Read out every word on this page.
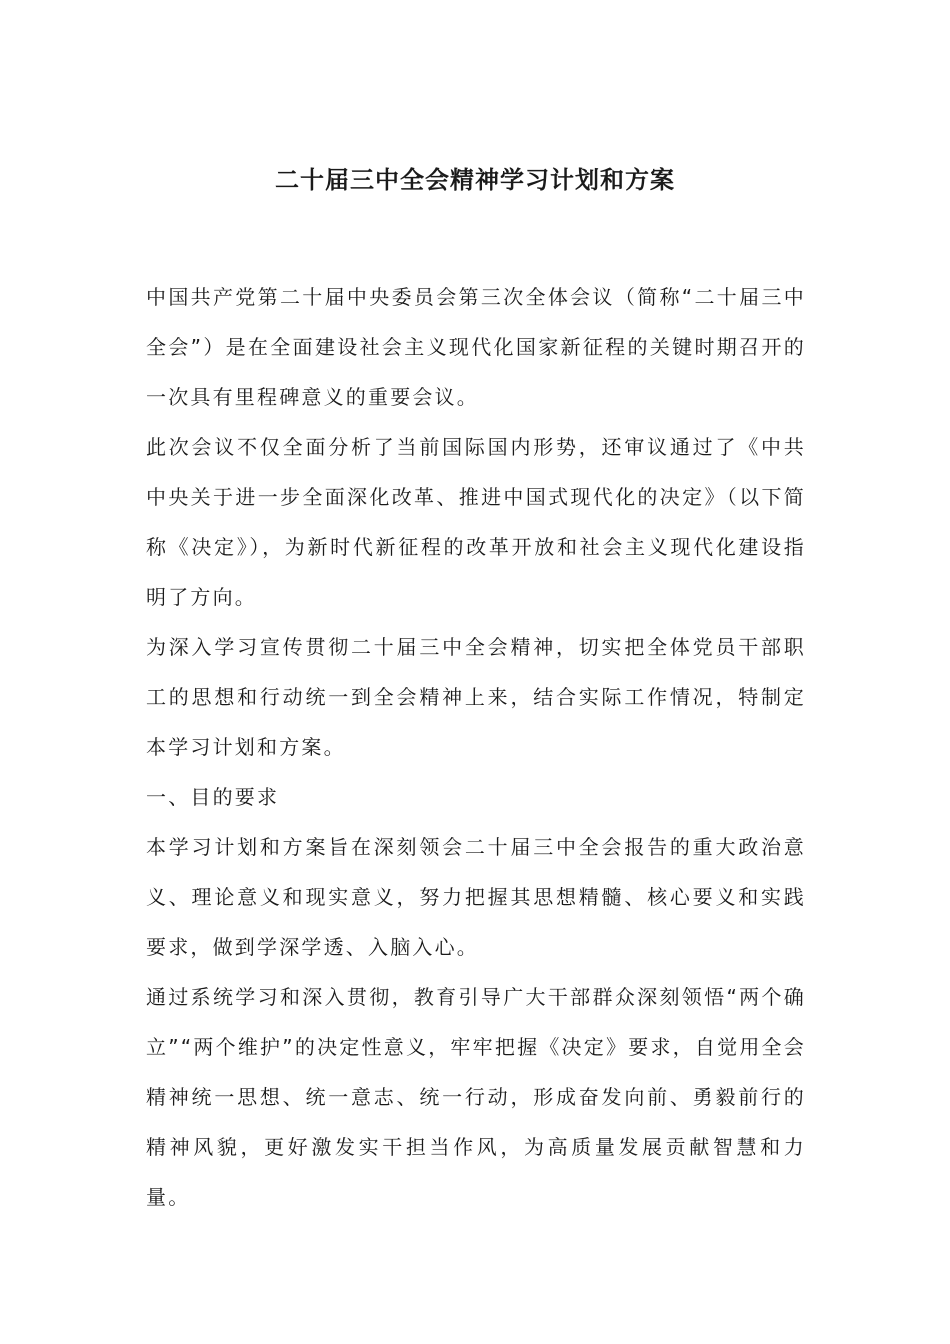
二十届三中全会精神学习计划和方案

中国共产党第二十届中央委员会第三次全体会议（简称“二十届三中全会”）是在全面建设社会主义现代化国家新征程的关键时期召开的一次具有里程碑意义的重要会议。

此次会议不仅全面分析了当前国际国内形势，还审议通过了《中共中央关于进一步全面深化改革、推进中国式现代化的决定》（以下简称《决定》），为新时代新征程的改革开放和社会主义现代化建设指明了方向。

为深入学习宣传贯彻二十届三中全会精神，切实把全体党员干部职工的思想和行动统一到全会精神上来，结合实际工作情况，特制定本学习计划和方案。

一、目的要求

本学习计划和方案旨在深刻领会二十届三中全会报告的重大政治意义、理论意义和现实意义，努力把握其思想精髓、核心要义和实践要求，做到学深学透、入脑入心。

通过系统学习和深入贯彻，教育引导广大干部群众深刻领悟“两个确立”“两个维护”的决定性意义，牢牢把握《决定》要求，自觉用全会精神统一思想、统一意志、统一行动，形成奋发向前、勇毅前行的精神风貌，更好激发实干担当作风，为高质量发展贡献智慧和力量。
